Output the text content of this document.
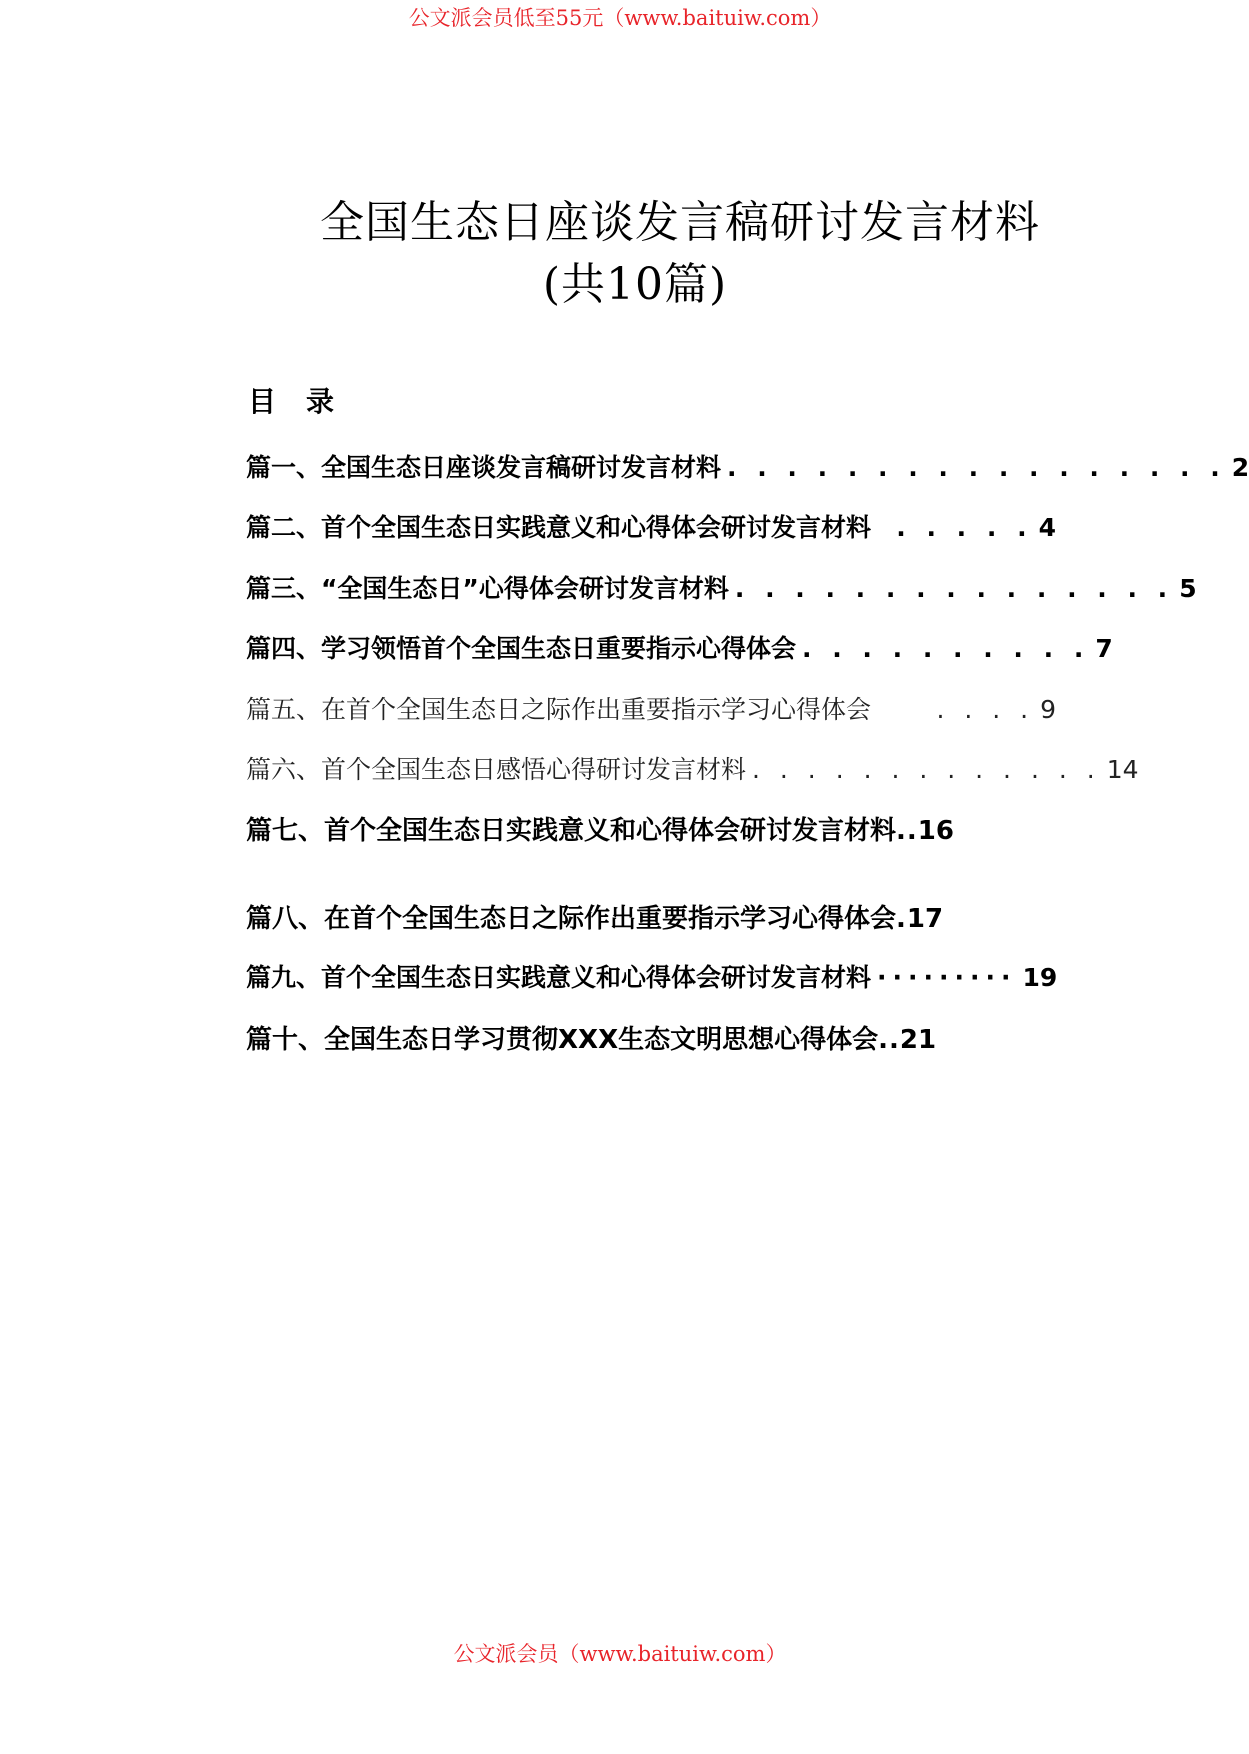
公文派会员低至55元（www.baituiw.com）
全国生态日座谈发言稿研讨发言材料
(共10篇)
目 录
篇一、全国生态日座谈发言稿研讨发言材料 . . . . . . . . . . . . . . . . . 2
篇二、首个全国生态日实践意义和心得体会研讨发言材料	. . . . . 4
篇三、“全国生态日”心得体会研讨发言材料 . . . . . . . . . . . . . . . 5
篇四、学习领悟首个全国生态日重要指示心得体会 . . . . . . . . . . 7
篇五、在首个全国生态日之际作出重要指示学习心得体会	. . . . 9
篇六、首个全国生态日感悟心得研讨发言材料 . . . . . . . . . . . . . 14
篇七、首个全国生态日实践意义和心得体会研讨发言材料 .. 16
篇八、在首个全国生态日之际作出重要指示学习心得体会 . 17
篇九、首个全国生态日实践意义和心得体会研讨发言材料 ········· 19
篇十、全国生态日学习贯彻XXX生态文明思想心得体会 .. 21
公文派会员（www.baituiw.com）
